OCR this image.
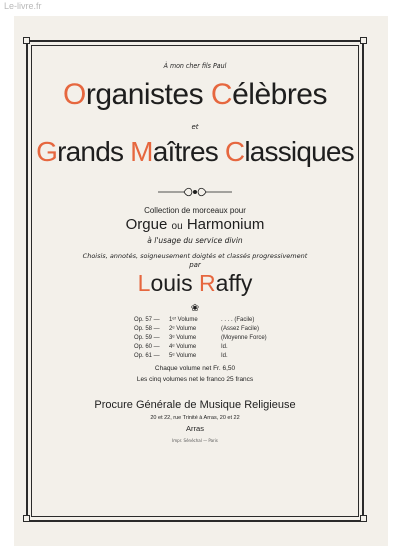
Le-livre.fr
À mon cher fils Paul
Organistes Célèbres
et
Grands Maîtres Classiques
Collection de morceaux pour
Orgue ou Harmonium
à l'usage du service divin
Choisis, annotés, soigneusement doigtés et classés progressivement
par
Louis Raffy
❀
Op. 57 — 1ᵉʳ Volume	. . . . (Facile)
Op. 58 — 2ᵉ Volume	(Assez Facile)
Op. 59 — 3ᵉ Volume	(Moyenne Force)
Op. 60 — 4ᵉ Volume	Id.
Op. 61 — 5ᵉ Volume	Id.
Chaque volume net Fr. 6,50
Les cinq volumes net le franco 25 francs
Procure Générale de Musique Religieuse
20 et 22, rue Trinité à Arras, 20 et 22
Arras
Impr. Sénéchal — Paris
